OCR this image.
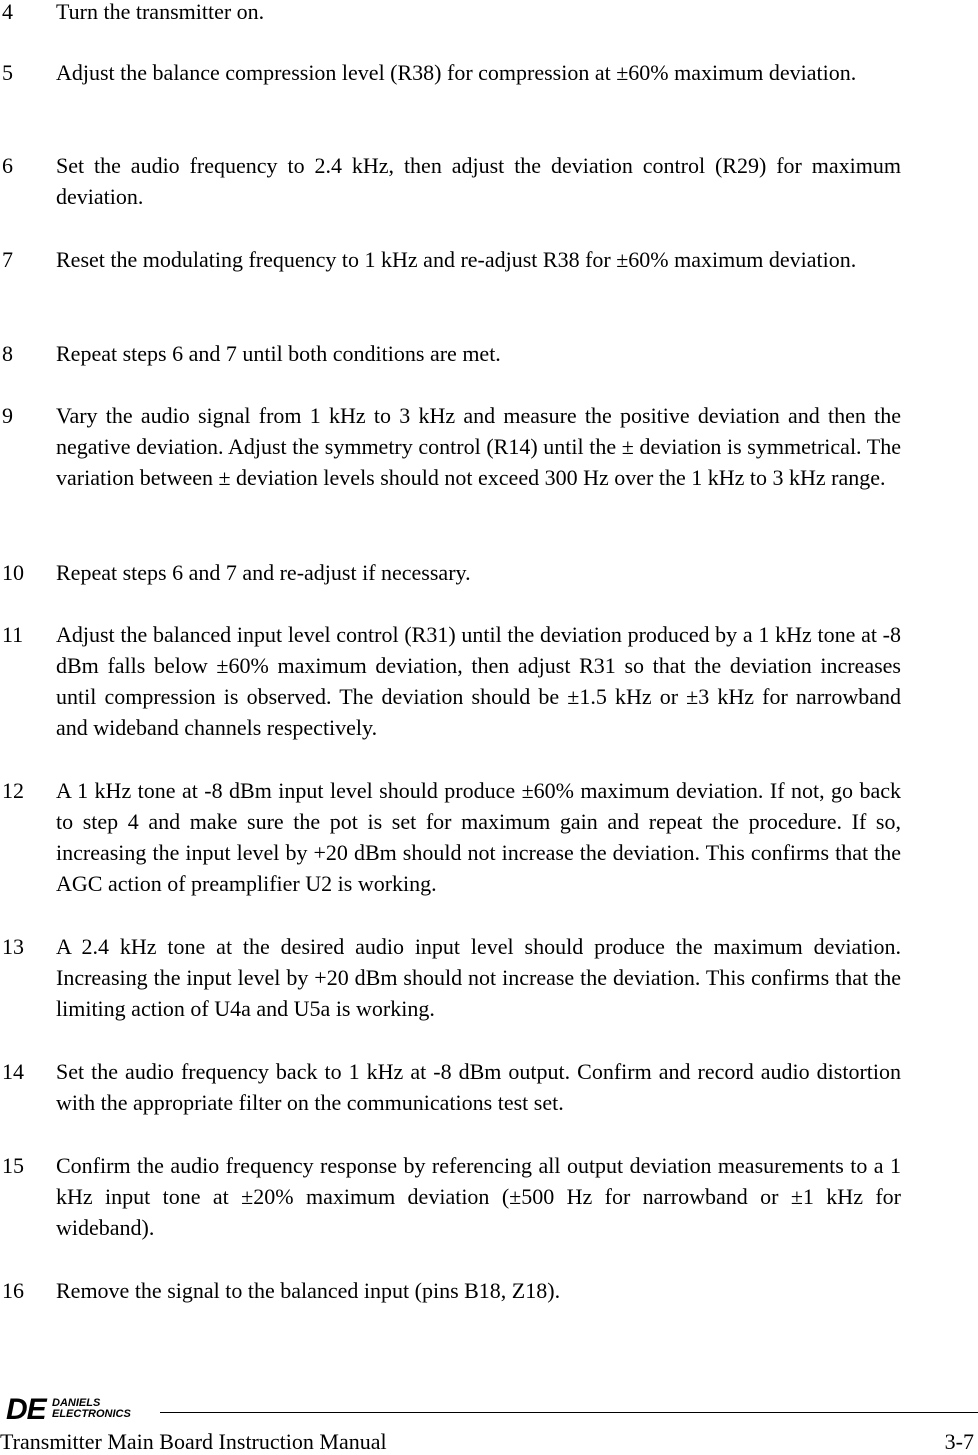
4 Turn the transmitter on.
5 Adjust the balance compression level (R38) for compression at ±60% maximum deviation.
6 Set the audio frequency to 2.4 kHz, then adjust the deviation control (R29) for maximum deviation.
7 Reset the modulating frequency to 1 kHz and re-adjust R38 for ±60% maximum deviation.
8 Repeat steps 6 and 7 until both conditions are met.
9 Vary the audio signal from 1 kHz to 3 kHz and measure the positive deviation and then the negative deviation. Adjust the symmetry control (R14) until the ± deviation is symmetrical. The variation between ± deviation levels should not exceed 300 Hz over the 1 kHz to 3 kHz range.
10 Repeat steps 6 and 7 and re-adjust if necessary.
11 Adjust the balanced input level control (R31) until the deviation produced by a 1 kHz tone at -8 dBm falls below ±60% maximum deviation, then adjust R31 so that the deviation increases until compression is observed. The deviation should be ±1.5 kHz or ±3 kHz for narrowband and wideband channels respectively.
12 A 1 kHz tone at -8 dBm input level should produce ±60% maximum deviation. If not, go back to step 4 and make sure the pot is set for maximum gain and repeat the procedure. If so, increasing the input level by +20 dBm should not increase the deviation. This confirms that the AGC action of preamplifier U2 is working.
13 A 2.4 kHz tone at the desired audio input level should produce the maximum deviation. Increasing the input level by +20 dBm should not increase the deviation. This confirms that the limiting action of U4a and U5a is working.
14 Set the audio frequency back to 1 kHz at -8 dBm output. Confirm and record audio distortion with the appropriate filter on the communications test set.
15 Confirm the audio frequency response by referencing all output deviation measurements to a 1 kHz input tone at ±20% maximum deviation (±500 Hz for narrowband or ±1 kHz for wideband).
16 Remove the signal to the balanced input (pins B18, Z18).
DE DANIELS
ELECTRONICS
Transmitter Main Board Instruction Manual	3-7
